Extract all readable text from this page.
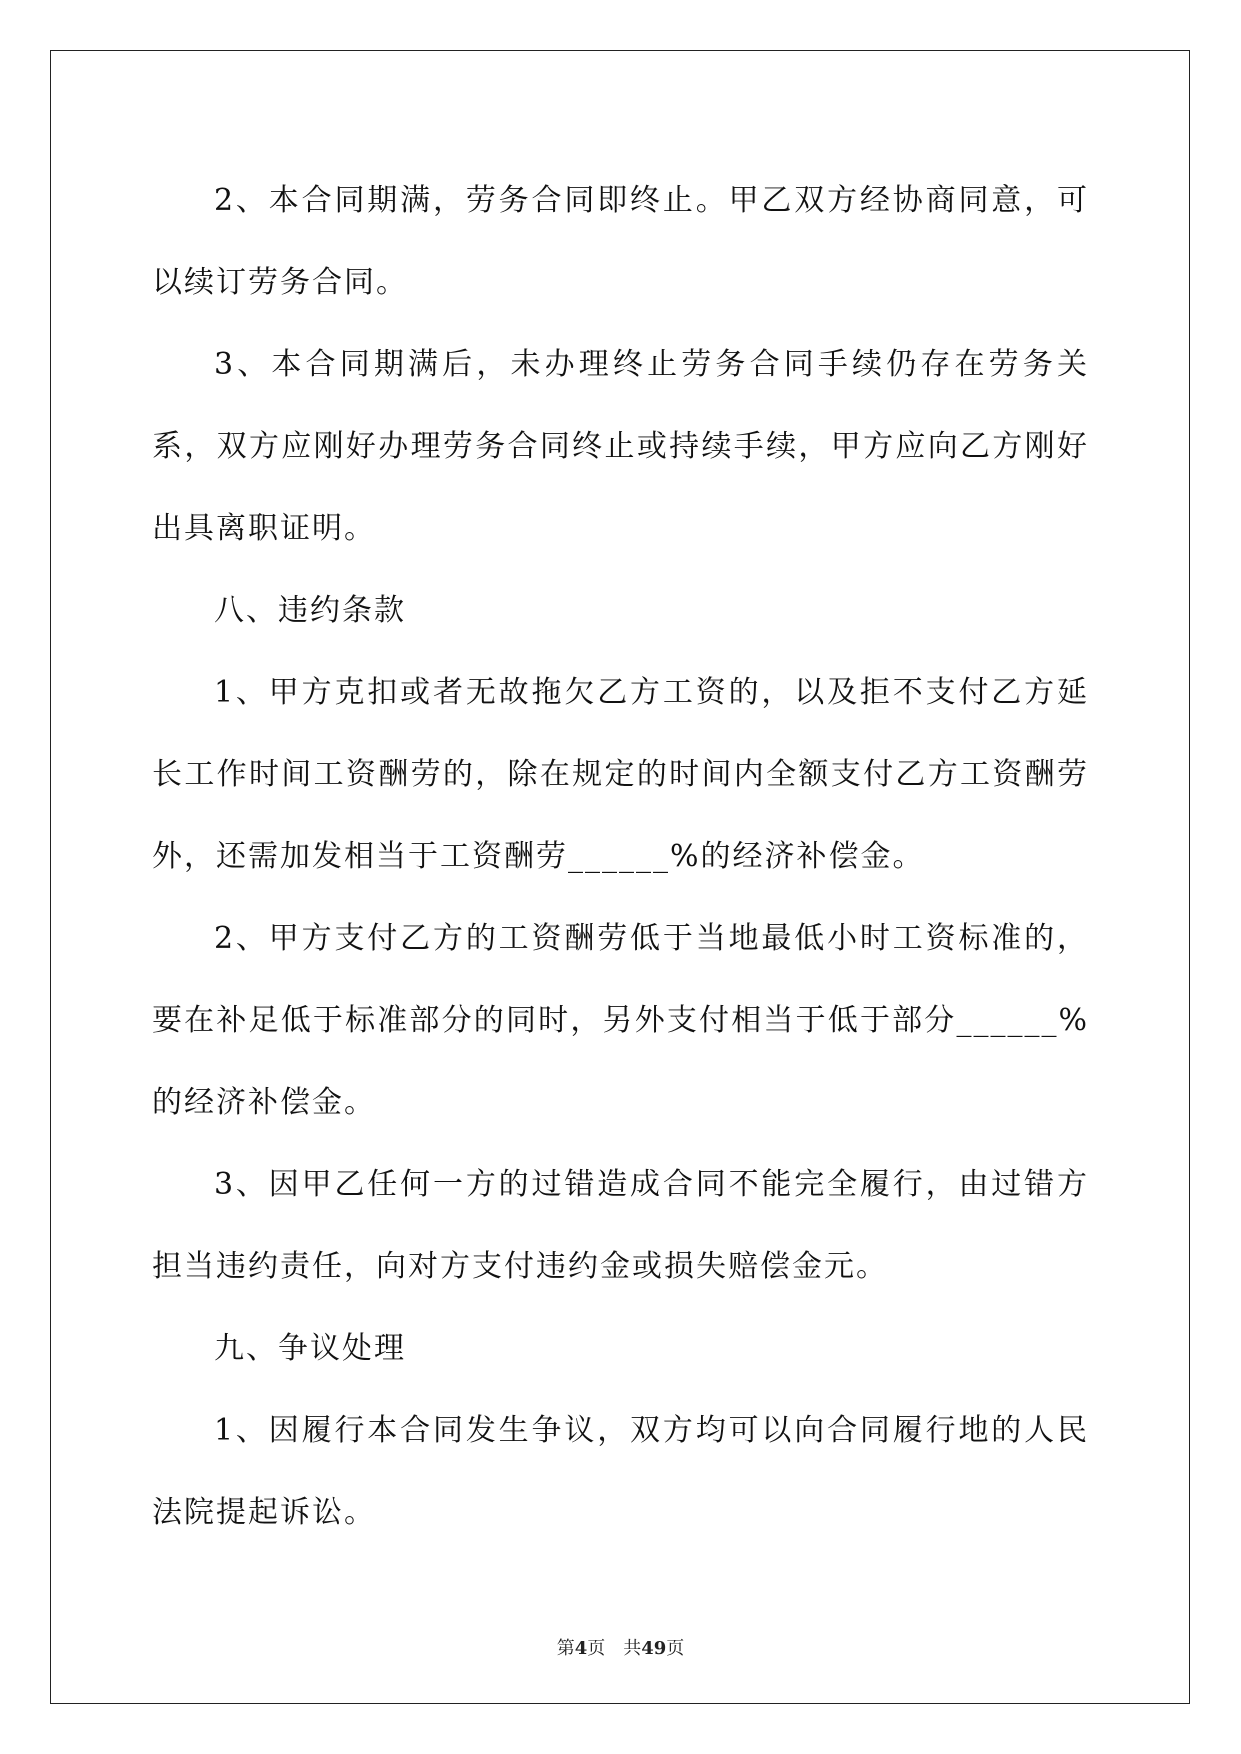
2、本合同期满，劳务合同即终止。甲乙双方经协商同意，可以续订劳务合同。

3、本合同期满后，未办理终止劳务合同手续仍存在劳务关系，双方应刚好办理劳务合同终止或持续手续，甲方应向乙方刚好出具离职证明。

八、违约条款

1、甲方克扣或者无故拖欠乙方工资的，以及拒不支付乙方延长工作时间工资酬劳的，除在规定的时间内全额支付乙方工资酬劳外，还需加发相当于工资酬劳______%的经济补偿金。

2、甲方支付乙方的工资酬劳低于当地最低小时工资标准的，要在补足低于标准部分的同时，另外支付相当于低于部分______%的经济补偿金。

3、因甲乙任何一方的过错造成合同不能完全履行，由过错方担当违约责任，向对方支付违约金或损失赔偿金元。

九、争议处理

1、因履行本合同发生争议，双方均可以向合同履行地的人民法院提起诉讼。

第4页 共49页
